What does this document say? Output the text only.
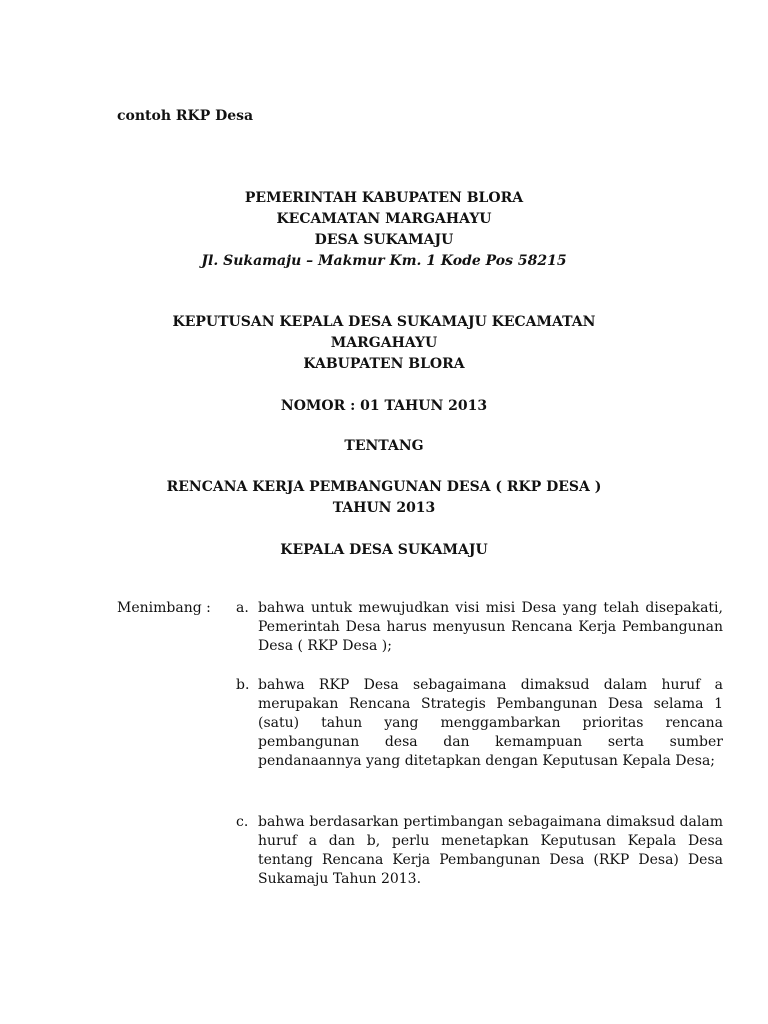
contoh RKP Desa
PEMERINTAH KABUPATEN BLORA
KECAMATAN MARGAHAYU
DESA SUKAMAJU
Jl. Sukamaju – Makmur Km. 1 Kode Pos 58215
KEPUTUSAN KEPALA DESA SUKAMAJU KECAMATAN
MARGAHAYU
KABUPATEN BLORA
NOMOR : 01 TAHUN 2013
TENTANG
RENCANA KERJA PEMBANGUNAN DESA ( RKP DESA )
TAHUN 2013
KEPALA DESA SUKAMAJU
Menimbang : a. bahwa untuk mewujudkan visi misi Desa yang telah disepakati, Pemerintah Desa harus menyusun Rencana Kerja Pembangunan Desa ( RKP Desa );
b. bahwa RKP Desa sebagaimana dimaksud dalam huruf a merupakan Rencana Strategis Pembangunan Desa selama 1 (satu) tahun yang menggambarkan prioritas rencana pembangunan desa dan kemampuan serta sumber pendanaannya yang ditetapkan dengan Keputusan Kepala Desa;
c. bahwa berdasarkan pertimbangan sebagaimana dimaksud dalam huruf a dan b, perlu menetapkan Keputusan Kepala Desa tentang Rencana Kerja Pembangunan Desa (RKP Desa) Desa Sukamaju Tahun 2013.
